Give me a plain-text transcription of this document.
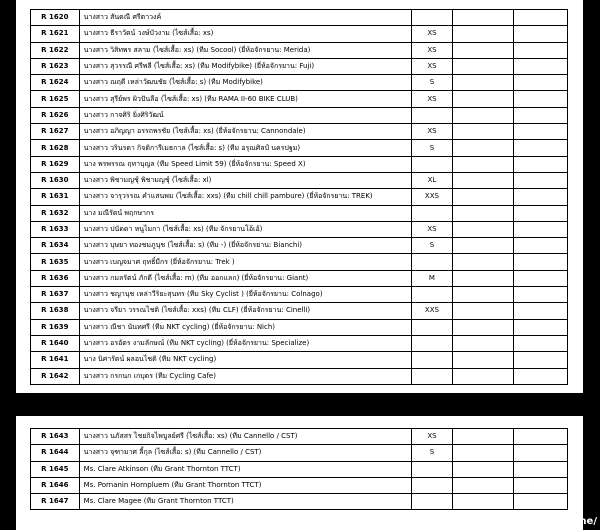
R 1620	นางสาว สันดณี ศรีตาวงค์			
R 1621	นางสาว ธีราวัตน์ วงษ์บัวงาม (ไซส์เสื้อ: xs)	XS		
R 1622	นางสาว วิสิทพร สลาม (ไซส์เสื้อ: xs) (ทีม Socool) (ยี่ห้อจักรยาน: Merida)	XS		
R 1623	นางสาว สุวรรณี ศรีพลี (ไซส์เสื้อ: xs) (ทีม Modifybike) (ยี่ห้อจักรยาน: Fuji)	XS		
R 1624	นางสาว ณฤดี เหล่าวัฒนชัย (ไซส์เสื้อ: s) (ทีม Modifybike)	S		
R 1625	นางสาว สุรีย์พร ผิวปันลือ (ไซส์เสื้อ: xs) (ทีม RAMA II-60 BIKE CLUB)	XS		
R 1626	นางสาว กาจศิริ ยิ่งศิริวัฒน์			
R 1627	นางสาว อภิญญา อรรถพรชัย (ไซส์เสื้อ: xs) (ยี่ห้อจักรยาน: Cannondale)	XS		
R 1628	นางสาว วรินรดา กิจติการีเมธกาล (ไซส์เสื้อ: s) (ทีม อรุณศิลป์ นครปฐม)	S		
R 1629	นาง พรพรรณ ฤทาบุญล (ทีม Speed Limit 59) (ยี่ห้อจักรยาน: Speed X)			
R 1630	นางสาว พิชามญชุ์ พิชามญชุ์ (ไซส์เสื้อ: xl)	XL		
R 1631	นางสาว จารุวรรณ คำแสนพม (ไซส์เสื้อ: xxs) (ทีม chill chill pambure) (ยี่ห้อจักรยาน: TREK)	XXS		
R 1632	นาง มณีรัตน์ พฤกษากร			
R 1633	นางสาว ปนัดดา หนูไมกา (ไซส์เสื้อ: xs) (ทีม จักรยานโอ้เอ้)	XS		
R 1634	นางสาว บุษยา ทองชมภูนุช (ไซส์เสื้อ: s) (ทีม -) (ยี่ห้อจักรยาน: Bianchi)	S		
R 1635	นางสาว เบญจมาศ ฤทธิ์มีกร (ยี่ห้อจักรยาน: Trek )			
R 1636	นางสาว กมลรัตน์ ภักดี (ไซส์เสื้อ: m) (ทีม ออกแลก) (ยี่ห้อจักรยาน: Giant)	M		
R 1637	นางสาว ชญานุช เหล่าวีริยะสุนทร (ทีม Sky Cyclist ) (ยี่ห้อจักรยาน: Colnago)			
R 1638	นางสาว จรียา วรรณไชติ (ไซส์เสื้อ: xxs) (ทีม CLF) (ยี่ห้อจักรยาน: Cinelli)	XXS		
R 1639	นางสาว ณีชา นันทศรี (ทีม NKT cycling) (ยี่ห้อจักรยาน: Nich)			
R 1640	นางสาว อรอัตร งามลักษณ์ (ทีม NKT cycling) (ยี่ห้อจักรยาน: Specialize)			
R 1641	นาง นิศารัตน์ ผลอนไชติ (ทีม NKT cycling)			
R 1642	นางสาว กรกนก เกบุตร (ทีม Cycling Cafe)			
R 1643	นางสาว นภัสสร ไชยกิจไพบูลย์ศรี (ไซส์เสื้อ: xs) (ทีม Cannello / CST)	XS		
R 1644	นางสาว จุฑามาศ ลี้กุล (ไซส์เสื้อ: s) (ทีม Cannello / CST)	S		
R 1645	Ms. Clare Atkinson (ทีม Grant Thornton TTCT)			
R 1646	Ms. Pornanin Hornpluem (ทีม Grant Thornton TTCT)			
R 1647	Ms. Clare Magee (ทีม Grant Thornton TTCT)			
[1080x921] http://upic.me/
